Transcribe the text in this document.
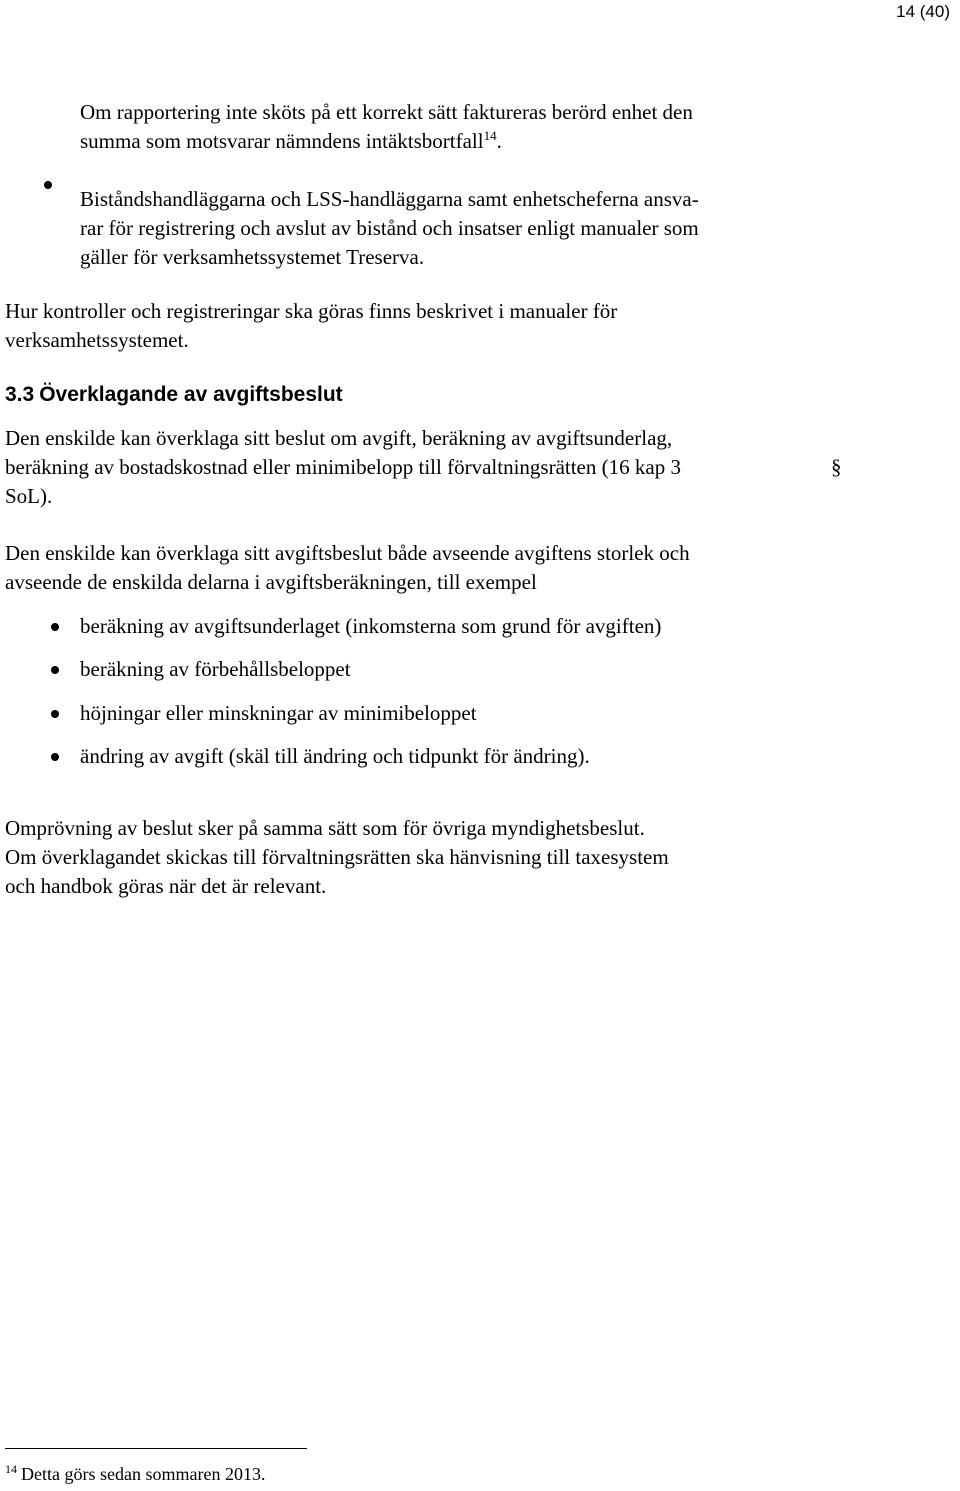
14 (40)
Om rapportering inte sköts på ett korrekt sätt faktureras berörd enhet den
summa som motsvarar nämndens intäktsbortfall$^{14}$.
Biståndshandläggarna och LSS-handläggarna samt enhetscheferna ansva-
rar för registrering och avslut av bistånd och insatser enligt manualer som
gäller för verksamhetssystemet Treserva.
Hur kontroller och registreringar ska göras finns beskrivet i manualer för
verksamhetssystemet.
3.3 Överklagande av avgiftsbeslut
Den enskilde kan överklaga sitt beslut om avgift, beräkning av avgiftsunderlag,
beräkning av bostadskostnad eller minimibelopp till förvaltningsrätten (16 kap 3	§
SoL).
Den enskilde kan överklaga sitt avgiftsbeslut både avseende avgiftens storlek och
avseende de enskilda delarna i avgiftsberäkningen, till exempel
beräkning av avgiftsunderlaget (inkomsterna som grund för avgiften)
beräkning av förbehållsbeloppet
höjningar eller minskningar av minimibeloppet
ändring av avgift (skäl till ändring och tidpunkt för ändring).
Omprövning av beslut sker på samma sätt som för övriga myndighetsbeslut.
Om överklagandet skickas till förvaltningsrätten ska hänvisning till taxesystem
och handbok göras när det är relevant.
$^{14}$ Detta görs sedan sommaren 2013.
